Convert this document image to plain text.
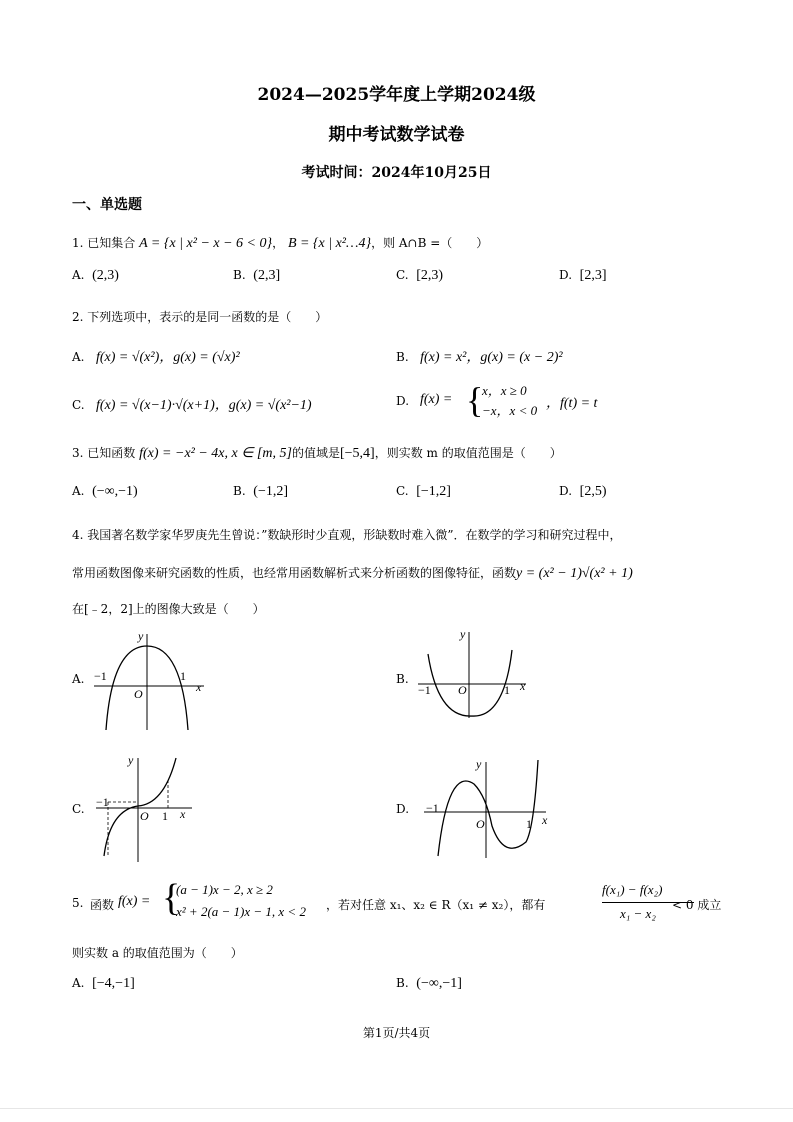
2024—2025学年度上学期2024级
期中考试数学试卷
考试时间：2024年10月25日
一、单选题
1. 已知集合 A = {x | x² − x − 6 < 0}， B = {x | x²…4}，则 A∩B =（　　）
A. (2,3)	B. (2,3]	C. [2,3)	D. [2,3]
2. 下列选项中，表示的是同一函数的是（　　）
A. f(x) = √(x²)，g(x) = (√x)²	B. f(x) = x²，g(x) = (x − 2)²
C. f(x) = √(x−1)·√(x+1)，g(x) = √(x²−1)	D. f(x) = {
x，x ≥ 0
−x，x < 0 ，f(t) = t
3. 已知函数 f(x) = −x² − 4x, x ∈ [m, 5]的值域是[−5,4]，则实数 m 的取值范围是（　　）
A. (−∞,−1)	B. (−1,2]	C. [−1,2]	D. [2,5)
4. 我国著名数学家华罗庚先生曾说：”数缺形时少直观，形缺数时难入微”．在数学的学习和研究过程中，
常用函数图像来研究函数的性质，也经常用函数解析式来分析函数的图像特征，函数y = (x² − 1)√(x² + 1)
在[﹣2，2]上的图像大致是（　　）
A.
y
x
O
−1	1	B.
y
x
O
−1	1
C.
y
x
O
−1
1	D.
y
x
O
−1
1
5. 函数 f(x) = {
(a − 1)x − 2, x ≥ 2
x² + 2(a − 1)x − 1, x < 2 ，若对任意 x₁、x₂ ∈ R（x₁ ≠ x₂），都有
f(x₁) − f(x₂)
x₁ − x₂
< 0 成立
则实数 a 的取值范围为（　　）
A. [−4,−1]	B. (−∞,−1]
第1页/共4页
